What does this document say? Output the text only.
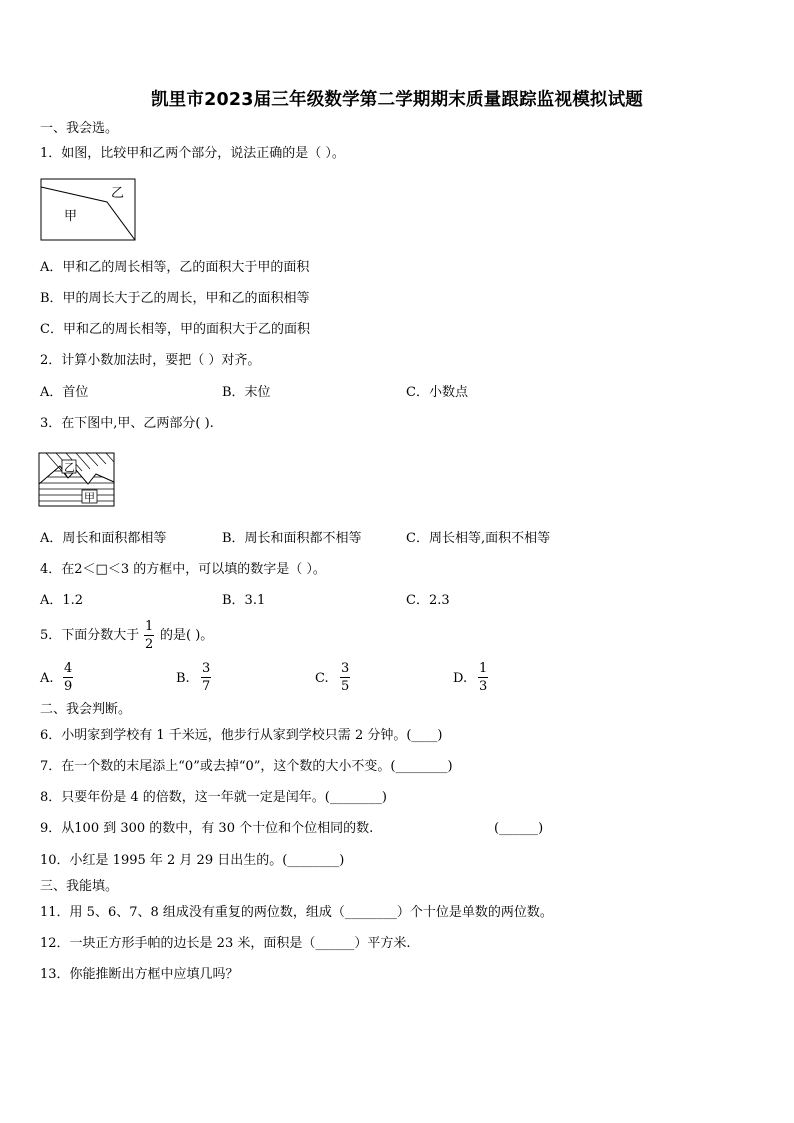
凯里市2023届三年级数学第二学期期末质量跟踪监视模拟试题
一、我会选。
1．如图，比较甲和乙两个部分，说法正确的是（ ）。
乙
甲
A．甲和乙的周长相等，乙的面积大于甲的面积
B．甲的周长大于乙的周长，甲和乙的面积相等
C．甲和乙的周长相等，甲的面积大于乙的面积
2．计算小数加法时，要把（ ）对齐。
A．首位	B．末位	C．小数点
3．在下图中,甲、乙两部分( ).
乙
甲
A．周长和面积都相等	B．周长和面积都不相等	C．周长相等,面积不相等
4．在2＜□＜3 的方框中，可以填的数字是（ ）。
A．1.2	B．3.1	C．2.3
5．下面分数大于
1
2
的是( )。
A.
4
9
B.
3
7
C.
3
5
D.
1
3
二、我会判断。
6．小明家到学校有 1 千米远，他步行从家到学校只需 2 分钟。(____)
7．在一个数的末尾添上“0”或去掉“0”，这个数的大小不变。(________)
8．只要年份是 4 的倍数，这一年就一定是闰年。(________)
9．从100 到 300 的数中，有 30 个十位和个位相同的数.	(______)
10．小红是 1995 年 2 月 29 日出生的。(________)
三、我能填。
11．用 5、6、7、8 组成没有重复的两位数，组成（________）个十位是单数的两位数。
12．一块正方形手帕的边长是 23 米，面积是（______）平方米.
13．你能推断出方框中应填几吗？
